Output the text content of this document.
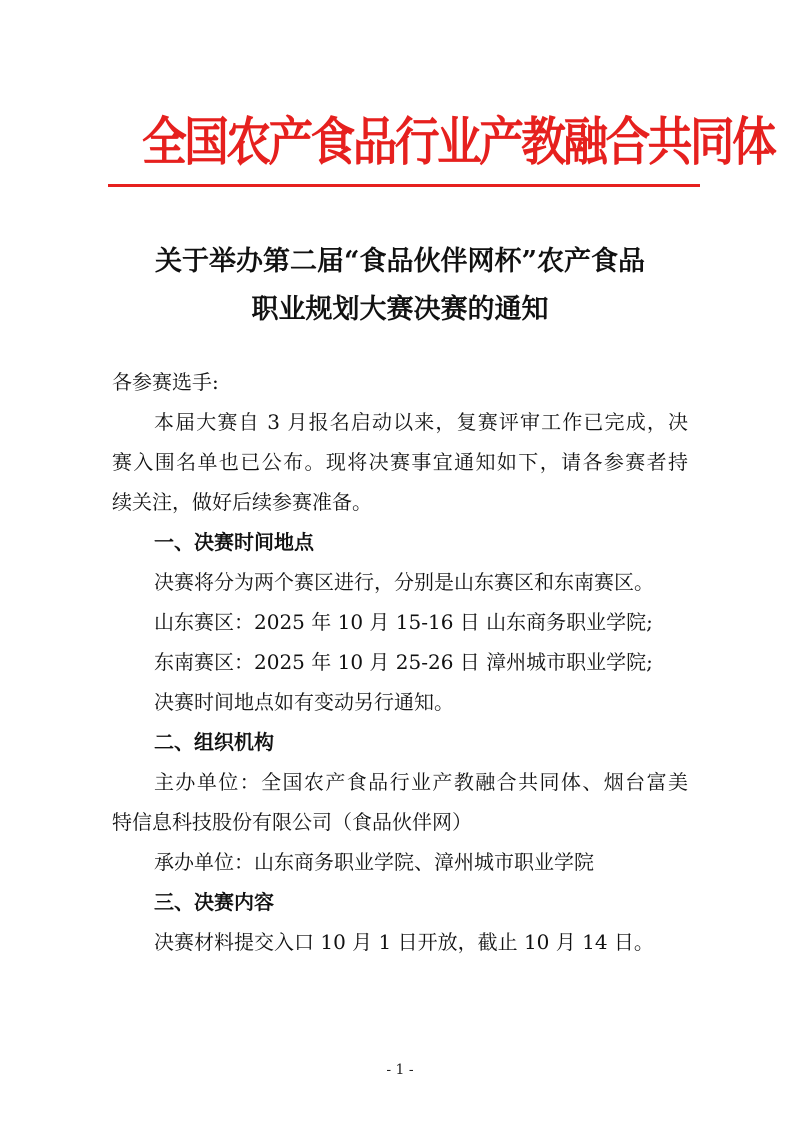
全国农产食品行业产教融合共同体
关于举办第二届“食品伙伴网杯”农产食品
职业规划大赛决赛的通知
各参赛选手:
本届大赛自 3 月报名启动以来，复赛评审工作已完成，决
赛入围名单也已公布。现将决赛事宜通知如下，请各参赛者持
续关注，做好后续参赛准备。
一、决赛时间地点
决赛将分为两个赛区进行，分别是山东赛区和东南赛区。
山东赛区：2025 年 10 月 15-16 日 山东商务职业学院;
东南赛区：2025 年 10 月 25-26 日 漳州城市职业学院;
决赛时间地点如有变动另行通知。
二、组织机构
主办单位：全国农产食品行业产教融合共同体、烟台富美
特信息科技股份有限公司（食品伙伴网）
承办单位：山东商务职业学院、漳州城市职业学院
三、决赛内容
决赛材料提交入口 10 月 1 日开放，截止 10 月 14 日。
- 1 -
